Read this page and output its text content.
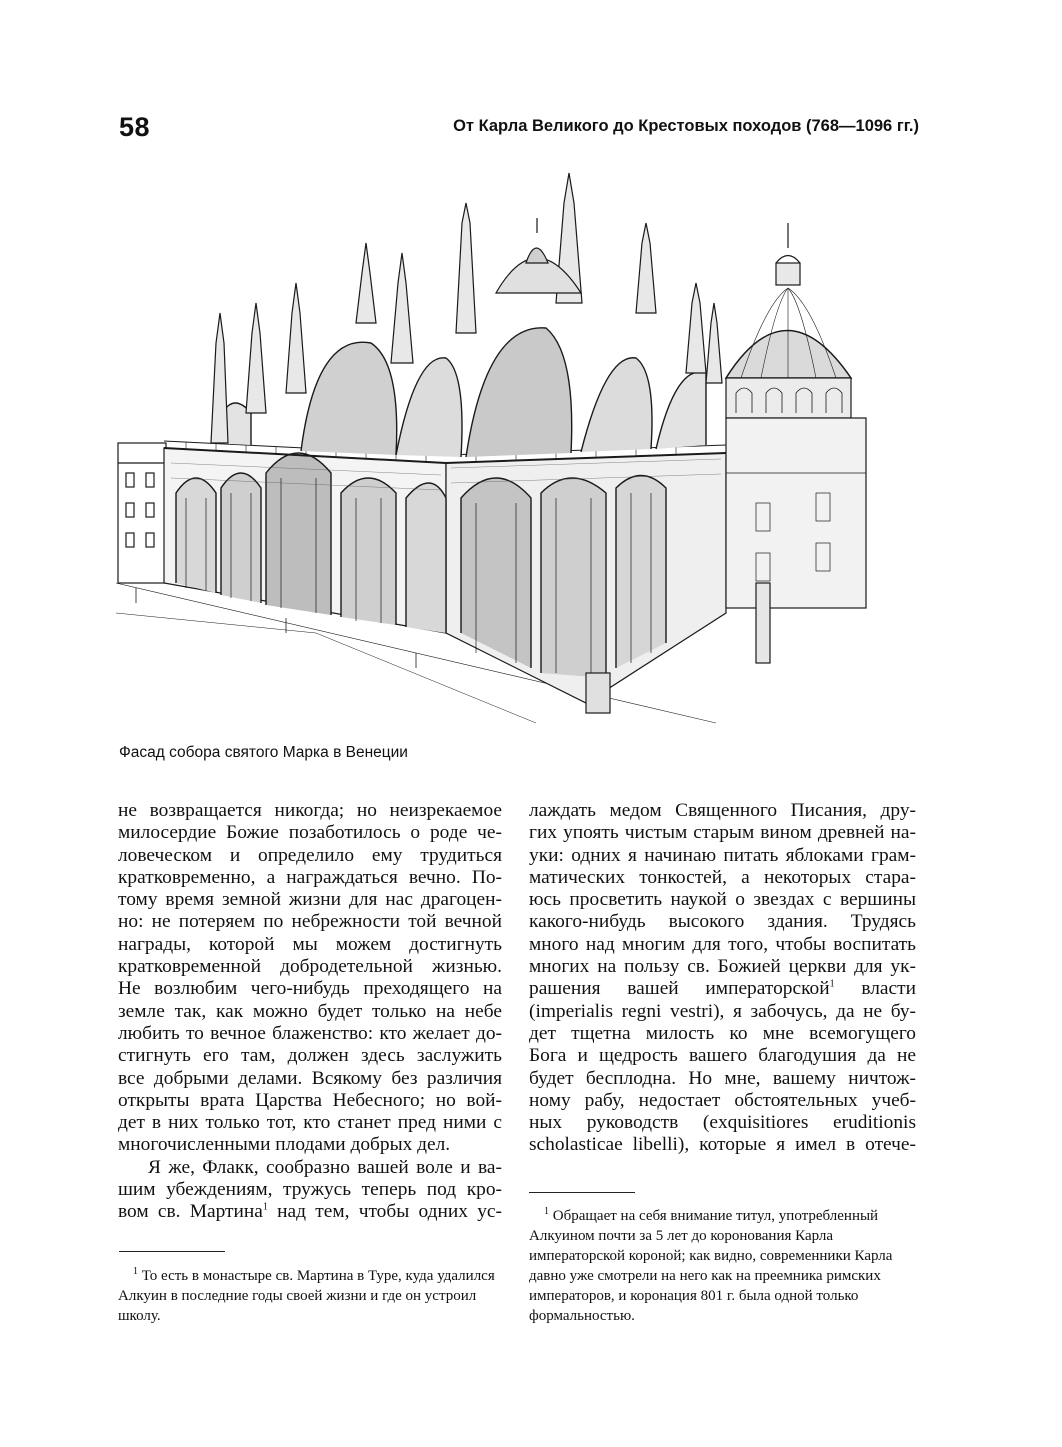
58	От Карла Великого до Крестовых походов (768—1096 гг.)
Фасад собора святого Марка в Венеции
не возвращается никогда; но неизрекаемое
милосердие Божие позаботилось о роде че-
ловеческом и определило ему трудиться
кратковременно, а награждаться вечно. По-
тому время земной жизни для нас драгоцен-
но: не потеряем по небрежности той вечной
награды, которой мы можем достигнуть
кратковременной добродетельной жизнью.
Не возлюбим чего-нибудь преходящего на
земле так, как можно будет только на небе
любить то вечное блаженство: кто желает до-
стигнуть его там, должен здесь заслужить
все добрыми делами. Всякому без различия
открыты врата Царства Небесного; но вой-
дет в них только тот, кто станет пред ними с
многочисленными плодами добрых дел.
Я же, Флакк, сообразно вашей воле и ва-
шим убеждениям, тружусь теперь под кро-
вом св. Мартина$^1$ над тем, чтобы одних ус-
$^1$ То есть в монастыре св. Мартина в Туре, куда удалился Алкуин в последние годы своей жизни и где он устроил школу.
лаждать медом Священного Писания, дру-
гих упоять чистым старым вином древней на-
уки: одних я начинаю питать яблоками грам-
матических тонкостей, а некоторых стара-
юсь просветить наукой о звездах с вершины
какого-нибудь высокого здания. Трудясь
много над многим для того, чтобы воспитать
многих на пользу св. Божией церкви для ук-
рашения вашей императорской$^1$ власти
(imperialis regni vestri), я забочусь, да не бу-
дет тщетна милость ко мне всемогущего
Бога и щедрость вашего благодушия да не
будет бесплодна. Но мне, вашему ничтож-
ному рабу, недостает обстоятельных учеб-
ных руководств (exquisitiores eruditionis
scholasticae libelli), которые я имел в отече-
$^1$ Обращает на себя внимание титул, употребленный Алкуином почти за 5 лет до коронования Карла императорской короной; как видно, современники Карла давно уже смотрели на него как на преемника римских императоров, и коронация 801 г. была одной только формальностью.
